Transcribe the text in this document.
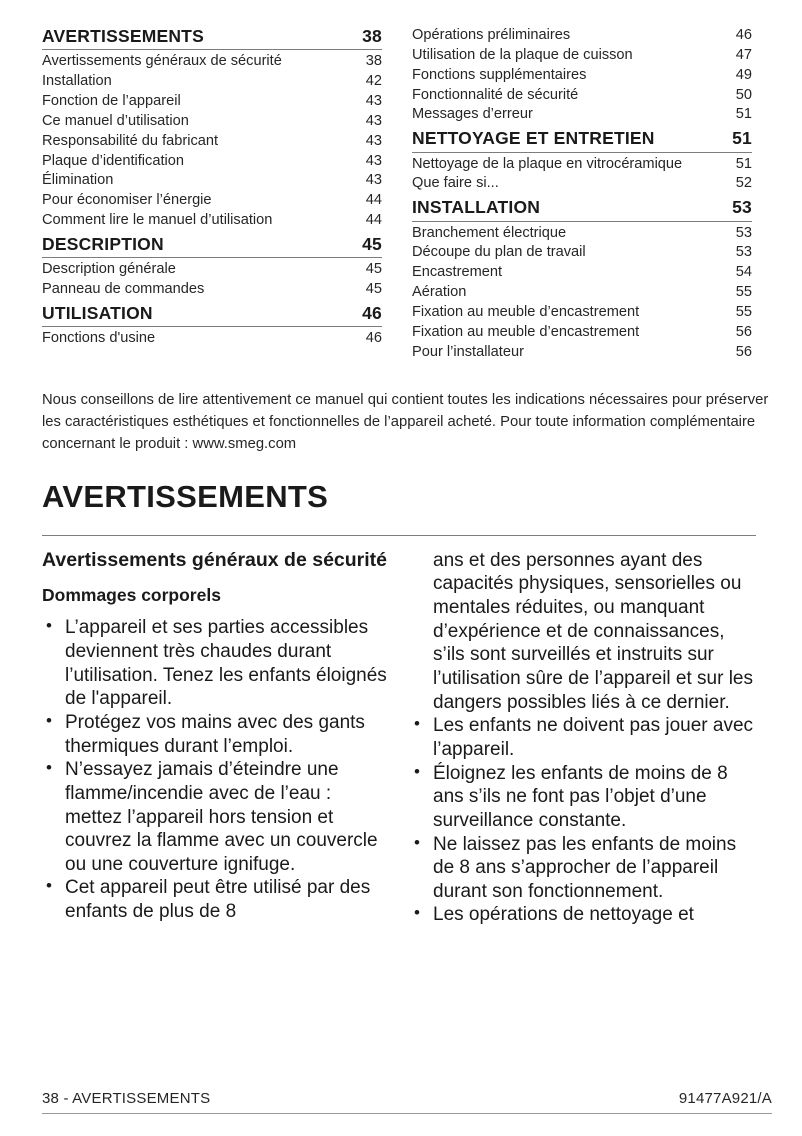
AVERTISSEMENTS	38
Avertissements généraux de sécurité	38
Installation	42
Fonction de l’appareil	43
Ce manuel d’utilisation	43
Responsabilité du fabricant	43
Plaque d’identification	43
Élimination	43
Pour économiser l’énergie	44
Comment lire le manuel d’utilisation	44
DESCRIPTION	45
Description générale	45
Panneau de commandes	45
UTILISATION	46
Fonctions d'usine	46
Opérations préliminaires	46
Utilisation de la plaque de cuisson	47
Fonctions supplémentaires	49
Fonctionnalité de sécurité	50
Messages d’erreur	51
NETTOYAGE ET ENTRETIEN	51
Nettoyage de la plaque en vitrocéramique	51
Que faire si...	52
INSTALLATION	53
Branchement électrique	53
Découpe du plan de travail	53
Encastrement	54
Aération	55
Fixation au meuble d’encastrement	55
Fixation au meuble d’encastrement	56
Pour l’installateur	56

Nous conseillons de lire attentivement ce manuel qui contient toutes les indications nécessaires pour préserver les caractéristiques esthétiques et fonctionnelles de l’appareil acheté. Pour toute information complémentaire concernant le produit : www.smeg.com

AVERTISSEMENTS
Avertissements généraux de sécurité
Dommages corporels
• L’appareil et ses parties accessibles deviennent très chaudes durant l’utilisation. Tenez les enfants éloignés de l'appareil.
• Protégez vos mains avec des gants thermiques durant l’emploi.
• N’essayez jamais d’éteindre une flamme/incendie avec de l’eau : mettez l’appareil hors tension et couvrez la flamme avec un couvercle ou une couverture ignifuge.
• Cet appareil peut être utilisé par des enfants de plus de 8
ans et des personnes ayant des capacités physiques, sensorielles ou mentales réduites, ou manquant d’expérience et de connaissances, s’ils sont surveillés et instruits sur l’utilisation sûre de l’appareil et sur les dangers possibles liés à ce dernier.
• Les enfants ne doivent pas jouer avec l’appareil.
• Éloignez les enfants de moins de 8 ans s’ils ne font pas l’objet d’une surveillance constante.
• Ne laissez pas les enfants de moins de 8 ans s’approcher de l’appareil durant son fonctionnement.
• Les opérations de nettoyage et
38 - AVERTISSEMENTS	91477A921/A
